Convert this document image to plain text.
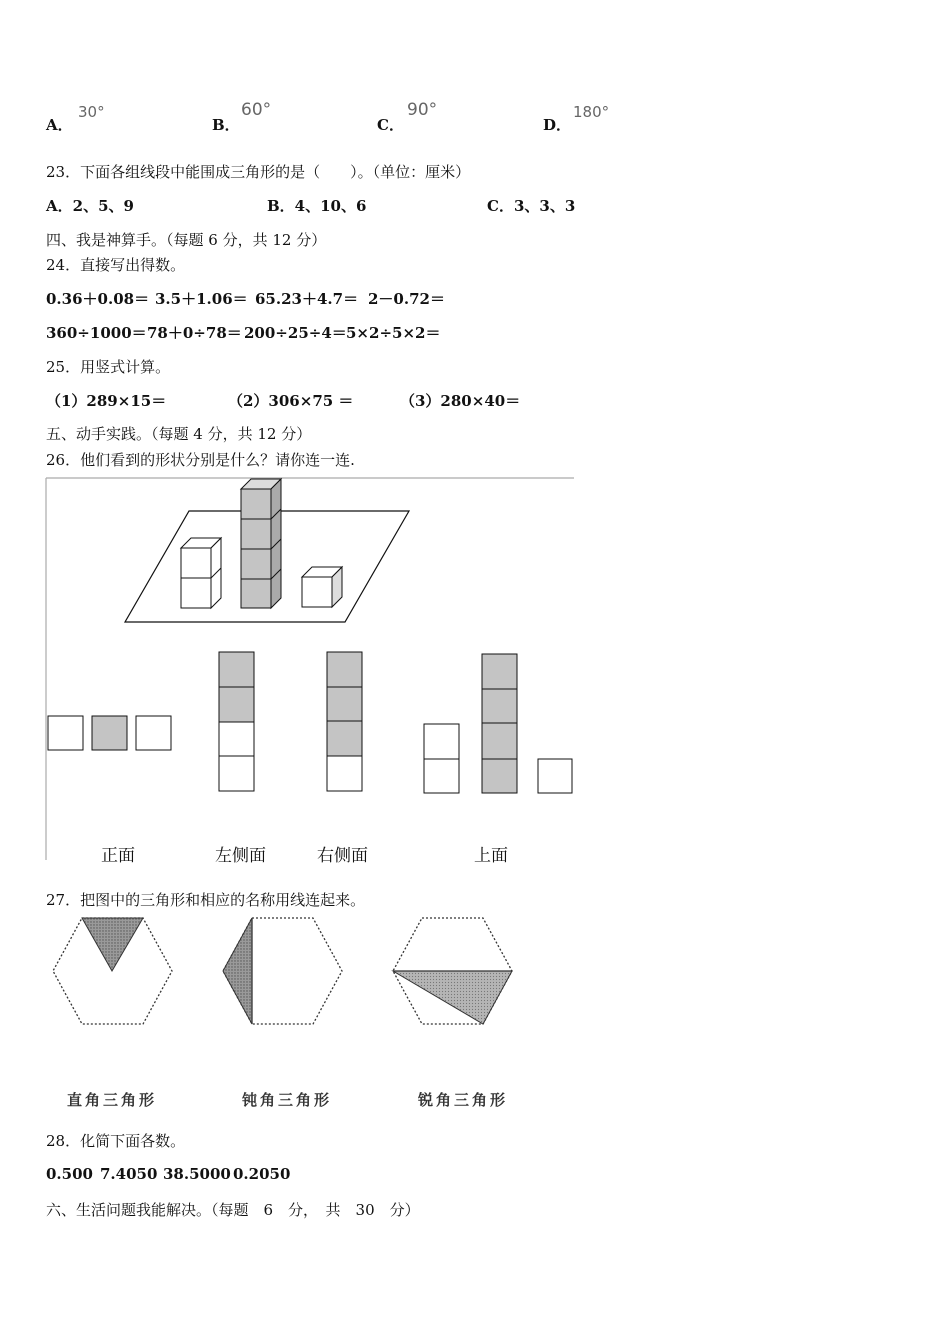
A．
30°
B．
60°
C．
90°
D．
180°
23．下面各组线段中能围成三角形的是（　　）。（单位：厘米）
A．2、5、9	B．4、10、6	C．3、3、3
四、我是神算手。（每题 6 分，共 12 分）
24．直接写出得数。
0.36＋0.08＝ 3.5＋1.06＝ 65.23＋4.7＝ 2－0.72＝
360÷1000＝ 78＋0÷78＝ 200÷25÷4＝ 5×2÷5×2＝
25．用竖式计算。
（1）289×15＝	（2）306×75 ＝	（3）280×40＝
五、动手实践。（每题 4 分，共 12 分）
26．他们看到的形状分别是什么？请你连一连.
正面	左侧面	右侧面	上面
27．把图中的三角形和相应的名称用线连起来。
直角三角形	钝角三角形	锐角三角形
28．化简下面各数。
0.500 7.4050 38.5000 0.2050
六、生活问题我能解决。（每题　6　分，　共　30　分）
